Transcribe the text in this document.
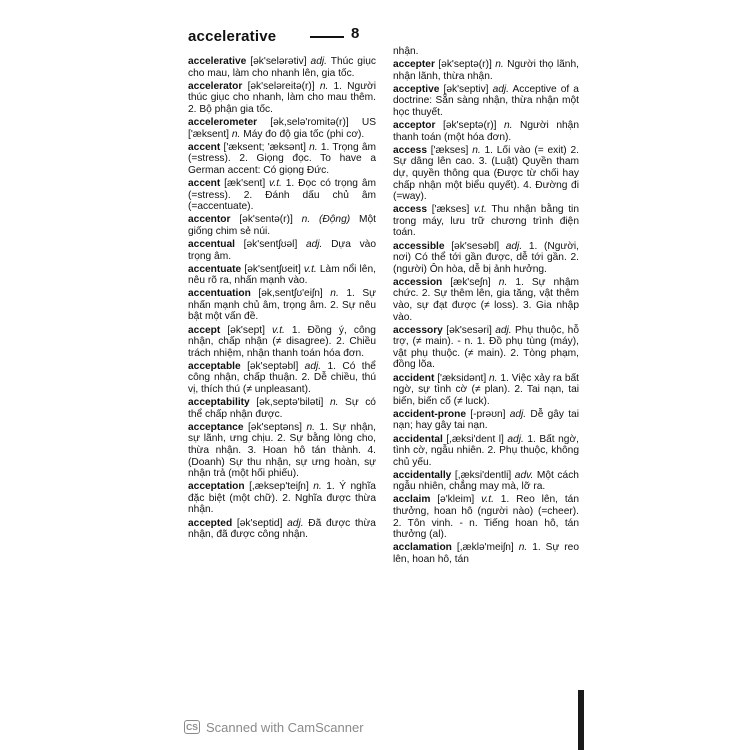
accelerative	8

accelerative [ək'selərətiv] adj. Thúc giục cho mau, làm cho nhanh lên, gia tốc.

accelerator [ək'seləreitə(r)] n. 1. Người thúc giục cho nhanh, làm cho mau thêm. 2. Bộ phận gia tốc.

accelerometer [ək,selə'romitə(r)] US ['æksent] n. Máy đo độ gia tốc (phi cơ).

accent ['æksent; 'æksənt] n. 1. Trọng âm (=stress). 2. Giọng đọc. To have a German accent: Có giọng Đức.

accent [æk'sent] v.t. 1. Đọc có trọng âm (=stress). 2. Đánh dấu chủ âm (=accentuate).

accentor [ək'sentə(r)] n. (Động) Một giống chim sẻ núi.

accentual [ək'sentʃʊəl] adj. Dựa vào trọng âm.

accentuate [ək'sentʃʊeit] v.t. Làm nổi lên, nêu rõ ra, nhấn mạnh vào.

accentuation [ək,sentʃʊ'eiʃn] n. 1. Sự nhấn mạnh chủ âm, trọng âm. 2. Sự nêu bật một vấn đề.

accept [ək'sept] v.t. 1. Đồng ý, công nhận, chấp nhận (≠ disagree). 2. Chiều trách nhiệm, nhận thanh toán hóa đơn.

acceptable [ək'septəbl] adj. 1. Có thể công nhận, chấp thuận. 2. Dễ chiều, thú vị, thích thú (≠ unpleasant).

acceptability [ək,septə'biləti] n. Sự có thể chấp nhận được.

acceptance [ək'septəns] n. 1. Sự nhận, sự lãnh, ưng chịu. 2. Sự bằng lòng cho, thừa nhận. 3. Hoan hô tán thành. 4. (Doanh) Sự thu nhận, sự ưng hoàn, sự nhận trả (một hối phiếu).

acceptation [,æksep'teiʃn] n. 1. Ý nghĩa đặc biệt (một chữ). 2. Nghĩa được thừa nhận.

accepted [ək'septid] adj. Đã được thừa nhận, đã được công nhận.

nhận.

accepter [ək'septə(r)] n. Người thọ lãnh, nhận lãnh, thừa nhận.

acceptive [ək'septiv] adj. Acceptive of a doctrine: Sẵn sàng nhận, thừa nhận một học thuyết.

acceptor [ək'septə(r)] n. Người nhận thanh toán (một hóa đơn).

access ['ækses] n. 1. Lối vào (= exit) 2. Sự dâng lên cao. 3. (Luật) Quyền tham dự, quyền thông qua (Được từ chối hay chấp nhận một biểu quyết). 4. Đường đi (=way).

access ['ækses] v.t. Thu nhận bằng tin trong máy, lưu trữ chương trình điện toán.

accessible [ək'sesəbl] adj. 1. (Người, nơi) Có thể tới gần được, dễ tới gần. 2. (người) Ôn hòa, dễ bị ảnh hưởng.

accession [æk'seʃn] n. 1. Sự nhậm chức. 2. Sự thêm lên, gia tăng, vật thêm vào, sự đạt được (≠ loss). 3. Gia nhập vào.

accessory [ək'sesəri] adj. Phụ thuộc, hỗ trợ, (≠ main). - n. 1. Đồ phụ tùng (máy), vật phụ thuộc. (≠ main). 2. Tòng phạm, đồng lõa.

accident ['æksidənt] n. 1. Việc xảy ra bất ngờ, sự tình cờ (≠ plan). 2. Tai nạn, tai biến, biến cố (≠ luck).

accident-prone [-prəʊn] adj. Dễ gây tai nạn; hay gây tai nạn.

accidental [,æksi'dent l] adj. 1. Bất ngờ, tình cờ, ngẫu nhiên. 2. Phụ thuộc, không chủ yếu.

accidentally [,æksi'dentli] adv. Một cách ngẫu nhiên, chẳng may mà, lỡ ra.

acclaim [ə'kleim] v.t. 1. Reo lên, tán thưởng, hoan hô (người nào) (=cheer). 2. Tôn vinh. - n. Tiếng hoan hô, tán thưởng (al).

acclamation [,æklə'meiʃn] n. 1. Sự reo lên, hoan hô, tán

CS Scanned with CamScanner
